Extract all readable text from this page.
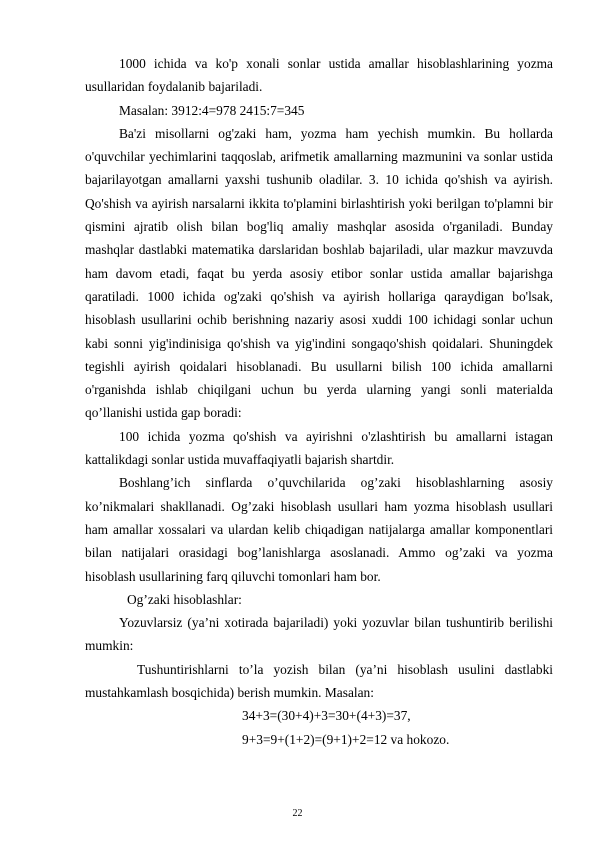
1000 ichida va ko'p xonali sonlar ustida amallar hisoblashlarining yozma usullaridan foydalanib bajariladi.

Masalan: 3912:4=978 2415:7=345

Ba'zi misollarni og'zaki ham, yozma ham yechish mumkin. Bu hollarda o'quvchilar yechimlarini taqqoslab, arifmetik amallarning mazmunini va sonlar ustida bajarilayotgan amallarni yaxshi tushunib oladilar. 3. 10 ichida qo'shish va ayirish. Qo'shish va ayirish narsalarni ikkita to'plamini birlashtirish yoki berilgan to'plamni bir qismini ajratib olish bilan bog'liq amaliy mashqlar asosida o'rganiladi. Bunday mashqlar dastlabki matematika darslaridan boshlab bajariladi, ular mazkur mavzuvda ham davom etadi, faqat bu yerda asosiy etibor sonlar ustida amallar bajarishga qaratiladi. 1000 ichida og'zaki qo'shish va ayirish hollariga qaraydigan bo'lsak, hisoblash usullarini ochib berishning nazariy asosi xuddi 100 ichidagi sonlar uchun kabi sonni yig'indinisiga qo'shish va yig'indini songaqo'shish qoidalari. Shuningdek tegishli ayirish qoidalari hisoblanadi. Bu usullarni bilish 100 ichida amallarni o'rganishda ishlab chiqilgani uchun bu yerda ularning yangi sonli materialda qo’llanishi ustida gap boradi:

100 ichida yozma qo'shish va ayirishni o'zlashtirish bu amallarni istagan kattalikdagi sonlar ustida muvaffaqiyatli bajarish shartdir.

Boshlang’ich sinflarda o’quvchilarida og’zaki hisoblashlarning asosiy ko’nikmalari shakllanadi. Og’zaki hisoblash usullari ham yozma hisoblash usullari ham amallar xossalari va ulardan kelib chiqadigan natijalarga amallar komponentlari bilan natijalari orasidagi bog’lanishlarga asoslanadi. Ammo og’zaki va yozma hisoblash usullarining farq qiluvchi tomonlari ham bor.

Og’zaki hisoblashlar:

Yozuvlarsiz (ya’ni xotirada bajariladi) yoki yozuvlar bilan tushuntirib berilishi mumkin:

Tushuntirishlarni to’la yozish bilan (ya’ni hisoblash usulini dastlabki mustahkamlash bosqichida) berish mumkin. Masalan:

34+3=(30+4)+3=30+(4+3)=37,

9+3=9+(1+2)=(9+1)+2=12 va hokozo.

22
